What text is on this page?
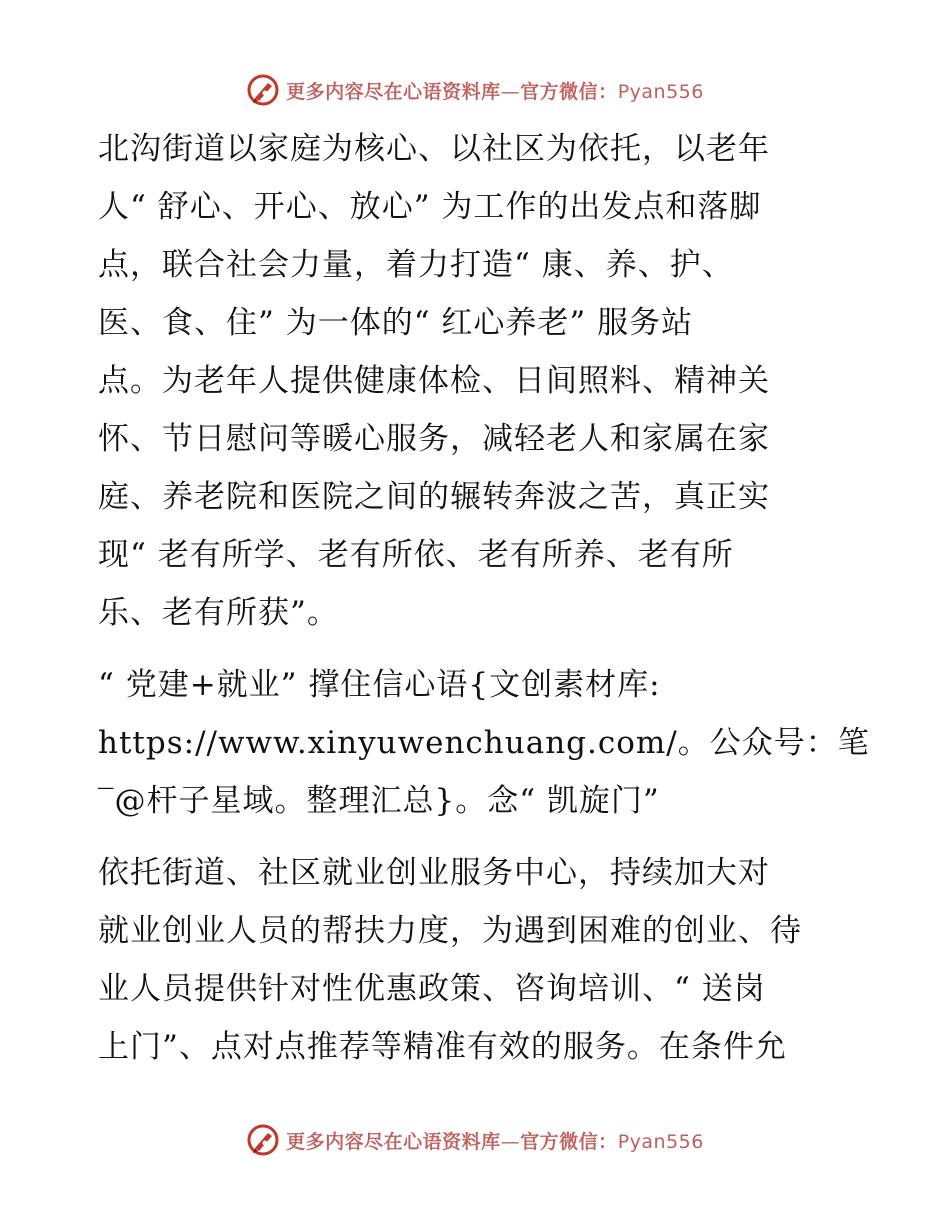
更多内容尽在心语资料库—官方微信：Pyan556

北沟街道以家庭为核心、以社区为依托，以老年
人“ 舒心、开心、放心” 为工作的出发点和落脚
点，联合社会力量，着力打造“ 康、养、护、
医、食、住” 为一体的“ 红心养老” 服务站
点。为老年人提供健康体检、日间照料、精神关
怀、节日慰问等暖心服务，减轻老人和家属在家
庭、养老院和医院之间的辗转奔波之苦，真正实
现“ 老有所学、老有所依、老有所养、老有所
乐、老有所获”。

“ 党建+就业” 撑住信心语{文创素材库:
https://www.xinyuwenchuang.com/。公众号：笔
‾@杆子星域。整理汇总}。念“ 凯旋门”

依托街道、社区就业创业服务中心，持续加大对
就业创业人员的帮扶力度，为遇到困难的创业、待
业人员提供针对性优惠政策、咨询培训、“ 送岗
上门”、点对点推荐等精准有效的服务。在条件允

更多内容尽在心语资料库—官方微信：Pyan556
